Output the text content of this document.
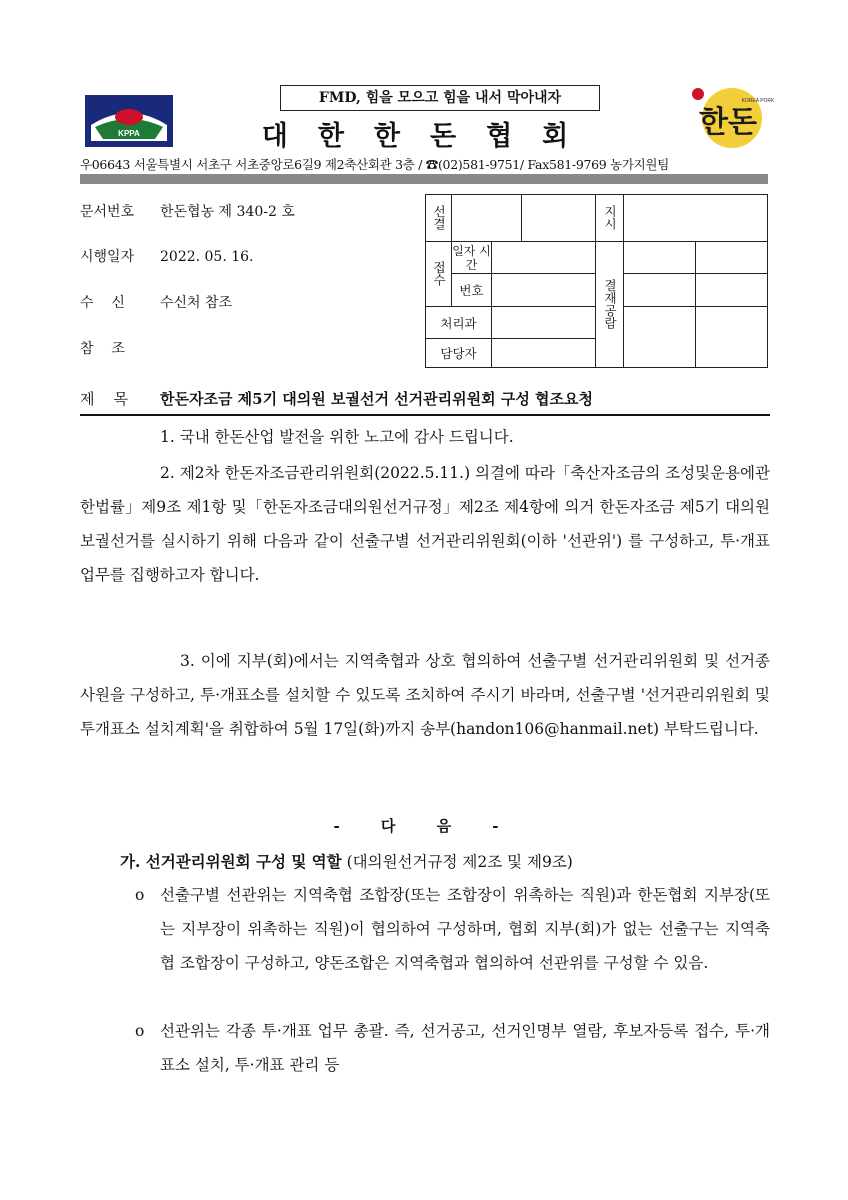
FMD, 힘을 모으고 힘을 내서 막아내자
대한한돈협회
KPPA	한돈
KOREA PORK
우06643 서울특별시 서초구 서초중앙로6길9 제2축산회관 3층 / ☎(02)581-9751/ Fax581-9769 농가지원팀
문서번호 한돈협농 제 340-2 호
시행일자 2022. 05. 16.
수    신	수신처 참조
참    조
선결				지시		
접수	일자 시간			결재공람		
	번호					
처리과						
담당자						
제    목 한돈자조금 제5기 대의원 보궐선거 선거관리위원회 구성 협조요청
1. 국내 한돈산업 발전을 위한 노고에 감사 드립니다.
2. 제2차 한돈자조금관리위원회(2022.5.11.) 의결에 따라「축산자조금의 조성및운용에관한법률」제9조 제1항 및「한돈자조금대의원선거규정」제2조 제4항에 의거 한돈자조금 제5기 대의원 보궐선거를 실시하기 위해 다음과 같이 선출구별 선거관리위원회(이하 '선관위') 를 구성하고, 투·개표 업무를 집행하고자 합니다.
3. 이에 지부(회)에서는 지역축협과 상호 협의하여 선출구별 선거관리위원회 및 선거종사원을 구성하고, 투·개표소를 설치할 수 있도록 조치하여 주시기 바라며, 선출구별 '선거관리위원회 및 투개표소 설치계획'을 취합하여 5월 17일(화)까지 송부(handon106@hanmail.net) 부탁드립니다.
- 다 음 -
가. 선거관리위원회 구성 및 역할 (대의원선거규정 제2조 및 제9조)
o 선출구별 선관위는 지역축협 조합장(또는 조합장이 위촉하는 직원)과 한돈협회 지부장(또는 지부장이 위촉하는 직원)이 협의하여 구성하며, 협회 지부(회)가 없는 선출구는 지역축협 조합장이 구성하고, 양돈조합은 지역축협과 협의하여 선관위를 구성할 수 있음.
o 선관위는 각종 투·개표 업무 총괄. 즉, 선거공고, 선거인명부 열람, 후보자등록 접수, 투·개표소 설치, 투·개표 관리 등
